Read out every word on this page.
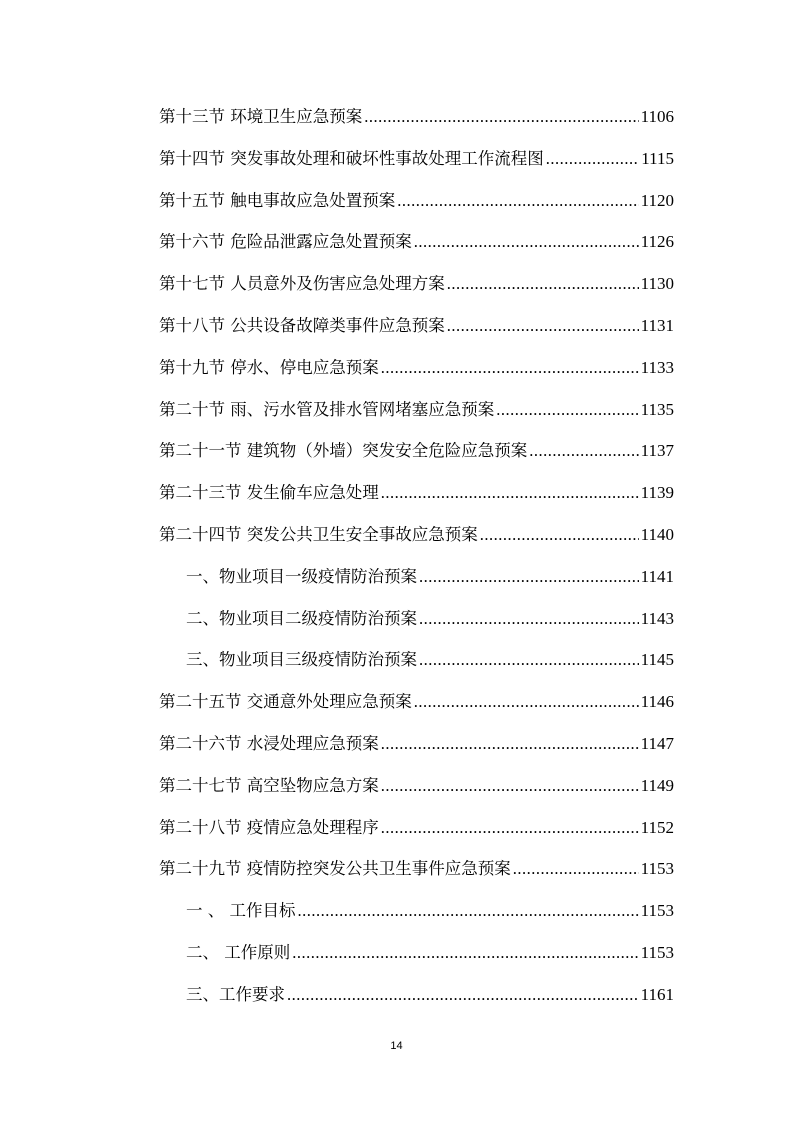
第十三节 环境卫生应急预案 .....	1106
第十四节 突发事故处理和破坏性事故处理工作流程图 .....	1115
第十五节 触电事故应急处置预案 .....	1120
第十六节 危险品泄露应急处置预案 .....	1126
第十七节 人员意外及伤害应急处理方案 .....	1130
第十八节 公共设备故障类事件应急预案 .....	1131
第十九节 停水、停电应急预案 .....	1133
第二十节 雨、污水管及排水管网堵塞应急预案 .....	1135
第二十一节 建筑物（外墙）突发安全危险应急预案 .....	1137
第二十三节 发生偷车应急处理 .....	1139
第二十四节 突发公共卫生安全事故应急预案 .....	1140
一、物业项目一级疫情防治预案 .....	1141
二、物业项目二级疫情防治预案 .....	1143
三、物业项目三级疫情防治预案 .....	1145
第二十五节 交通意外处理应急预案 .....	1146
第二十六节 水浸处理应急预案 .....	1147
第二十七节 高空坠物应急方案 .....	1149
第二十八节 疫情应急处理程序 .....	1152
第二十九节 疫情防控突发公共卫生事件应急预案 .....	1153
一 、 工作目标 .....	1153
二、 工作原则 .....	1153
三、工作要求 .....	1161
14
